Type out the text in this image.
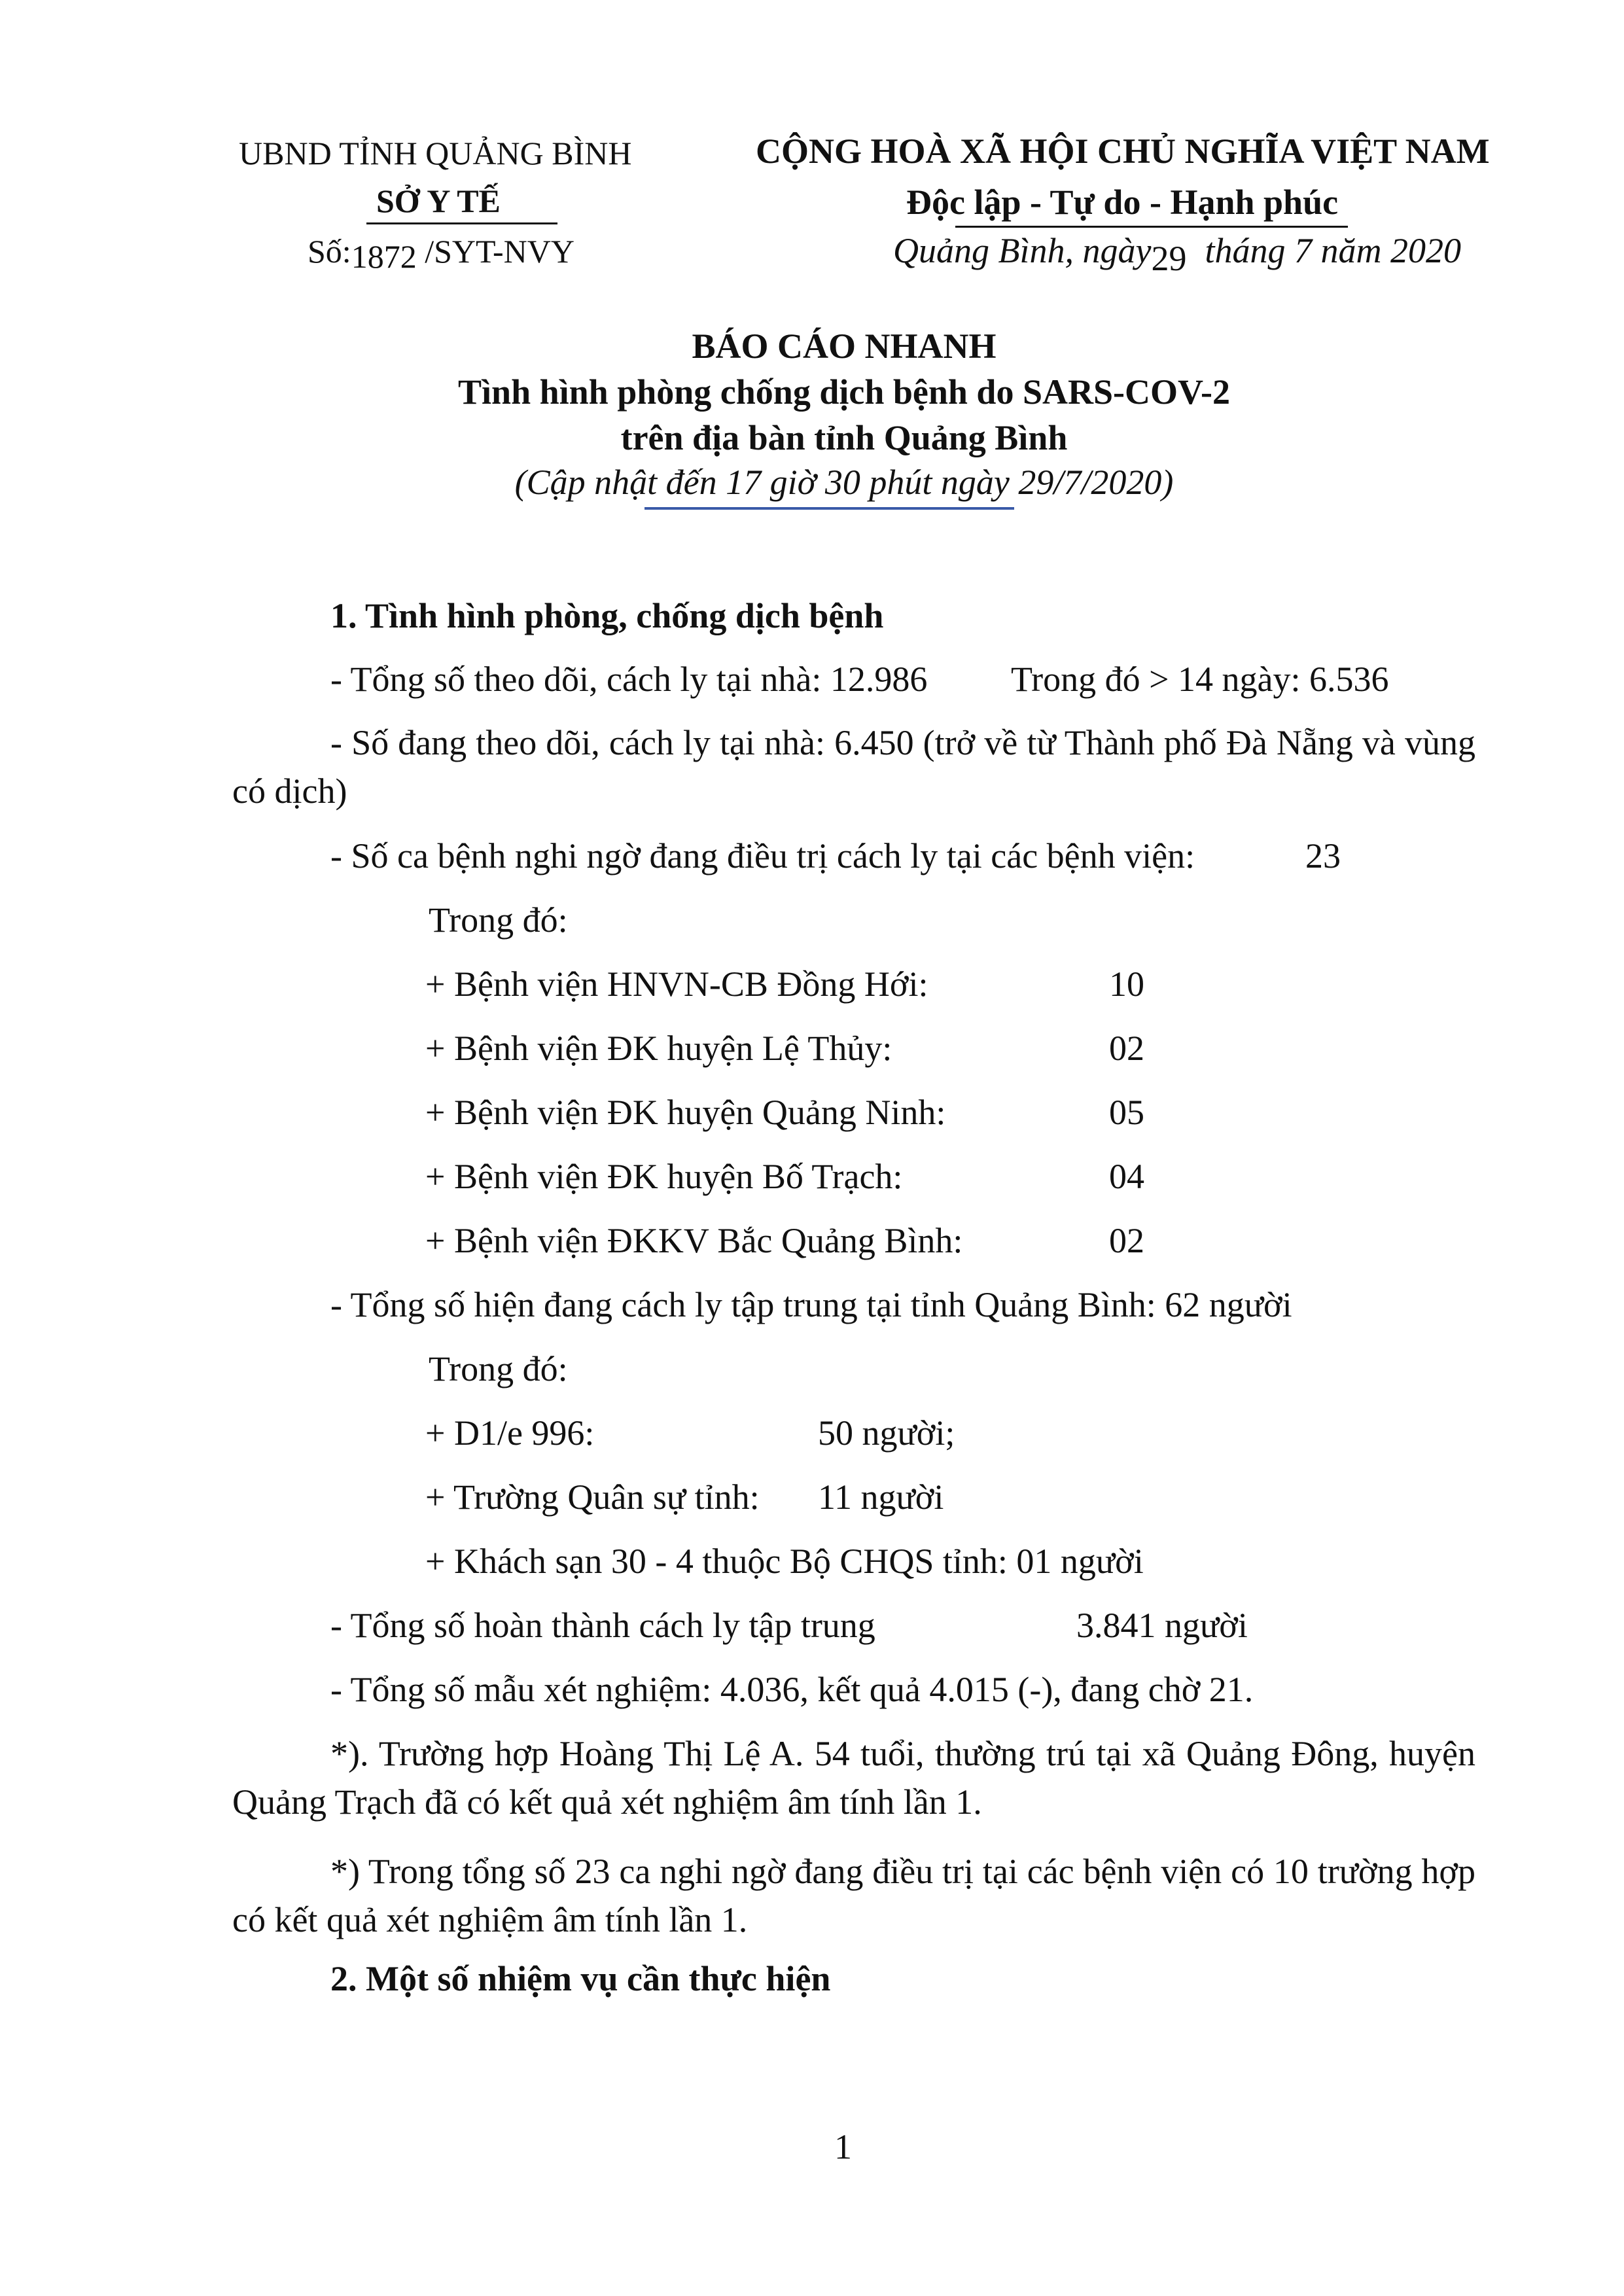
UBND TỈNH QUẢNG BÌNH
SỞ Y TẾ
Số:1872 /SYT-NVY
CỘNG HOÀ XÃ HỘI CHỦ NGHĨA VIỆT NAM
Độc lập - Tự do - Hạnh phúc
Quảng Bình, ngày29 tháng 7 năm 2020
BÁO CÁO NHANH
Tình hình phòng chống dịch bệnh do SARS-COV-2
trên địa bàn tỉnh Quảng Bình
(Cập nhật đến 17 giờ 30 phút ngày 29/7/2020)
1. Tình hình phòng, chống dịch bệnh
- Tổng số theo dõi, cách ly tại nhà: 12.986 Trong đó > 14 ngày: 6.536
- Số đang theo dõi, cách ly tại nhà: 6.450 (trở về từ Thành phố Đà Nẵng và vùng có dịch)
- Số ca bệnh nghi ngờ đang điều trị cách ly tại các bệnh viện:	23
Trong đó:
+ Bệnh viện HNVN-CB Đồng Hới:	10
+ Bệnh viện ĐK huyện Lệ Thủy:	02
+ Bệnh viện ĐK huyện Quảng Ninh:	05
+ Bệnh viện ĐK huyện Bố Trạch:	04
+ Bệnh viện ĐKKV Bắc Quảng Bình:	02
- Tổng số hiện đang cách ly tập trung tại tỉnh Quảng Bình: 62 người
Trong đó:
+ D1/e 996:	50 người;
+ Trường Quân sự tỉnh: 11 người
+ Khách sạn 30 - 4 thuộc Bộ CHQS tỉnh: 01 người
- Tổng số hoàn thành cách ly tập trung	3.841 người
- Tổng số mẫu xét nghiệm: 4.036, kết quả 4.015 (-), đang chờ 21.
*). Trường hợp Hoàng Thị Lệ A. 54 tuổi, thường trú tại xã Quảng Đông, huyện Quảng Trạch đã có kết quả xét nghiệm âm tính lần 1.
*) Trong tổng số 23 ca nghi ngờ đang điều trị tại các bệnh viện có 10 trường hợp có kết quả xét nghiệm âm tính lần 1.
2. Một số nhiệm vụ cần thực hiện
1
